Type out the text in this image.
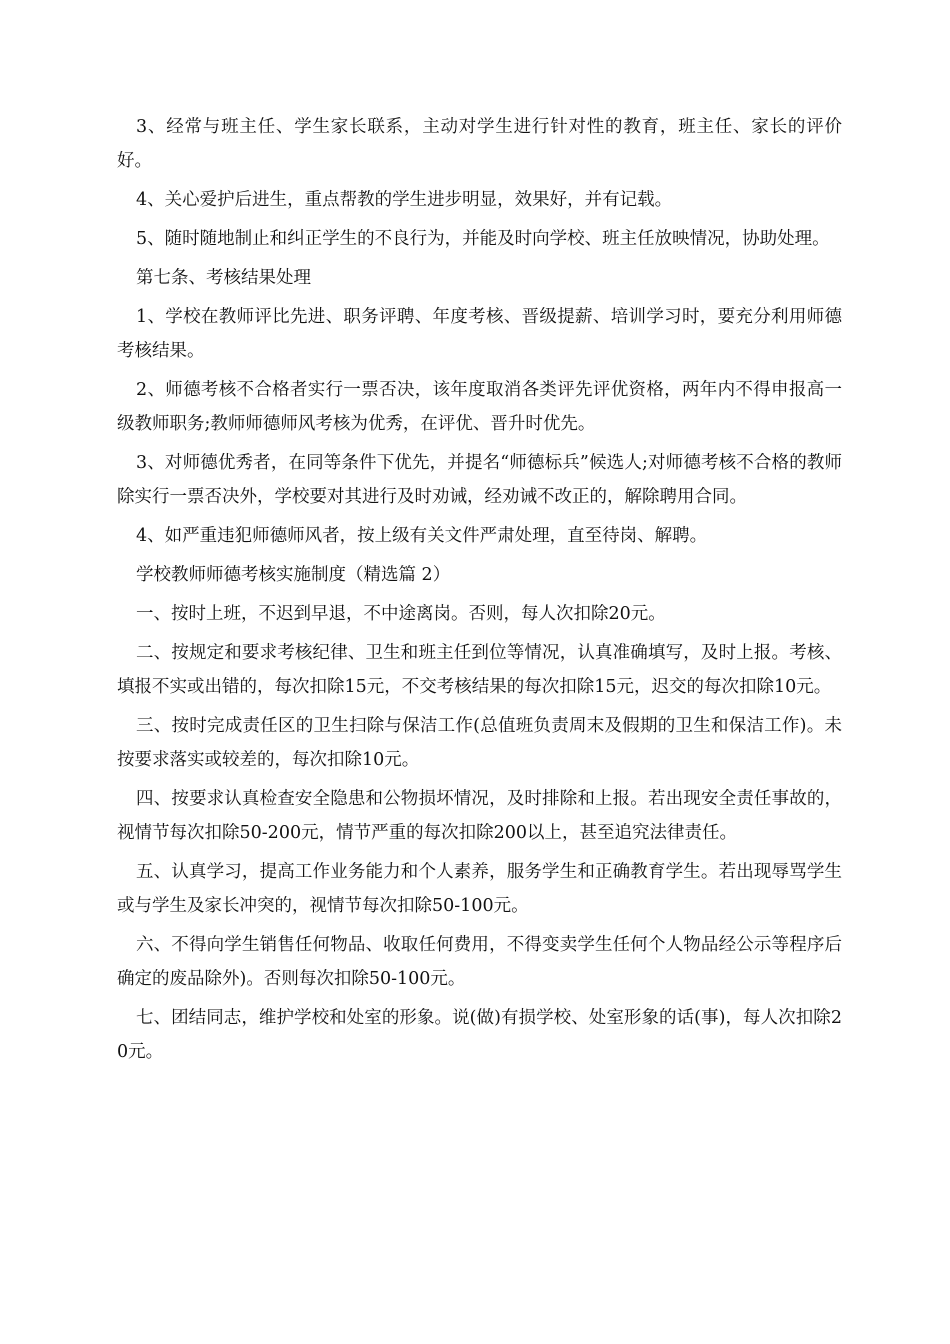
3、经常与班主任、学生家长联系，主动对学生进行针对性的教育，班主任、家长的评价好。

4、关心爱护后进生，重点帮教的学生进步明显，效果好，并有记载。

5、随时随地制止和纠正学生的不良行为，并能及时向学校、班主任放映情况，协助处理。

第七条、考核结果处理

1、学校在教师评比先进、职务评聘、年度考核、晋级提薪、培训学习时，要充分利用师德考核结果。

2、师德考核不合格者实行一票否决，该年度取消各类评先评优资格，两年内不得申报高一级教师职务;教师师德师风考核为优秀，在评优、晋升时优先。

3、对师德优秀者，在同等条件下优先，并提名“师德标兵”候选人;对师德考核不合格的教师除实行一票否决外，学校要对其进行及时劝诫，经劝诫不改正的，解除聘用合同。

4、如严重违犯师德师风者，按上级有关文件严肃处理，直至待岗、解聘。

学校教师师德考核实施制度（精选篇 2）

一、按时上班，不迟到早退，不中途离岗。否则，每人次扣除20元。

二、按规定和要求考核纪律、卫生和班主任到位等情况，认真准确填写，及时上报。考核、填报不实或出错的，每次扣除15元，不交考核结果的每次扣除15元，迟交的每次扣除10元。

三、按时完成责任区的卫生扫除与保洁工作(总值班负责周末及假期的卫生和保洁工作)。未按要求落实或较差的，每次扣除10元。

四、按要求认真检查安全隐患和公物损坏情况，及时排除和上报。若出现安全责任事故的，视情节每次扣除50-200元，情节严重的每次扣除200以上，甚至追究法律责任。

五、认真学习，提高工作业务能力和个人素养，服务学生和正确教育学生。若出现辱骂学生或与学生及家长冲突的，视情节每次扣除50-100元。

六、不得向学生销售任何物品、收取任何费用，不得变卖学生任何个人物品经公示等程序后确定的废品除外)。否则每次扣除50-100元。

七、团结同志，维护学校和处室的形象。说(做)有损学校、处室形象的话(事)，每人次扣除20元。
